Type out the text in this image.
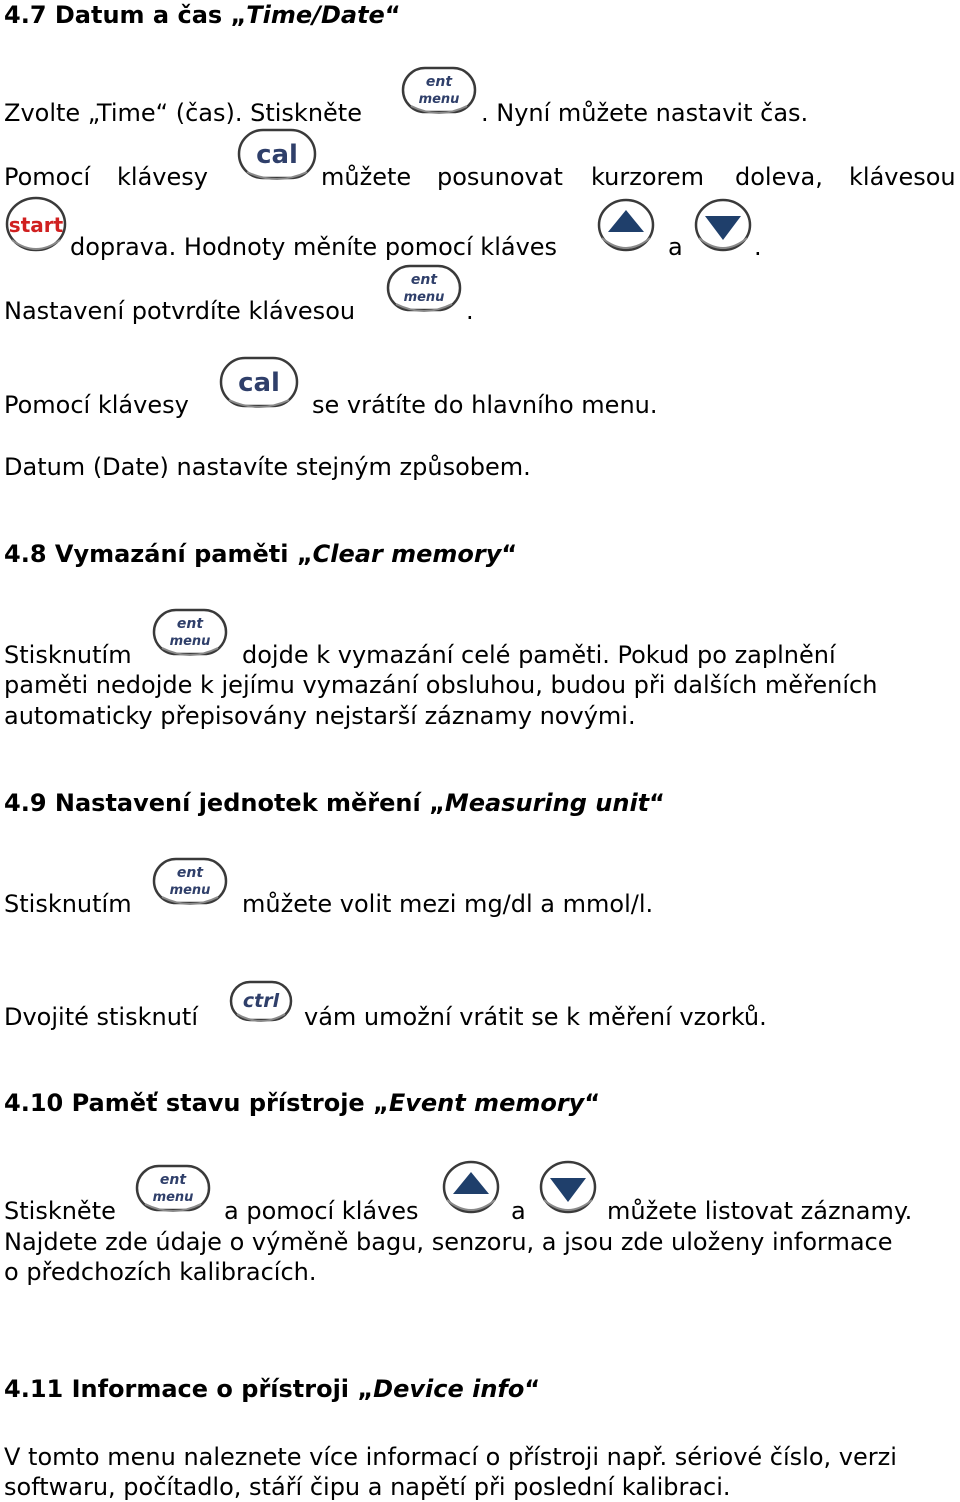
4.7 Datum a čas „Time/Date“
Zvolte „Time“ (čas). Stiskněte
ent
menu . Nyní můžete nastavit čas.
Pomocí klávesy
cal
můžete posunovat kurzorem doleva, klávesou
start
doprava. Hodnoty měníte pomocí kláves	a	.
Nastavení potvrdíte klávesou
ent
menu .
Pomocí klávesy
cal
se vrátíte do hlavního menu.
Datum (Date) nastavíte stejným způsobem.
4.8 Vymazání paměti „Clear memory“
Stisknutím
ent
menu dojde k vymazání celé paměti. Pokud po zaplnění
paměti nedojde k jejímu vymazání obsluhou, budou při dalších měřeních
automaticky přepisovány nejstarší záznamy novými.
4.9 Nastavení jednotek měření „Measuring unit“
Stisknutím
ent
menu můžete volit mezi mg/dl a mmol/l.
Dvojité stisknutí
ctrl
vám umožní vrátit se k měření vzorků.
4.10 Paměť stavu přístroje „Event memory“
Stiskněte
ent
menu a pomocí kláves	a	můžete listovat záznamy.
Najdete zde údaje o výměně bagu, senzoru, a jsou zde uloženy informace
o předchozích kalibracích.
4.11 Informace o přístroji „Device info“
V tomto menu naleznete více informací o přístroji např. sériové číslo, verzi
softwaru, počítadlo, stáří čipu a napětí při poslední kalibraci.
